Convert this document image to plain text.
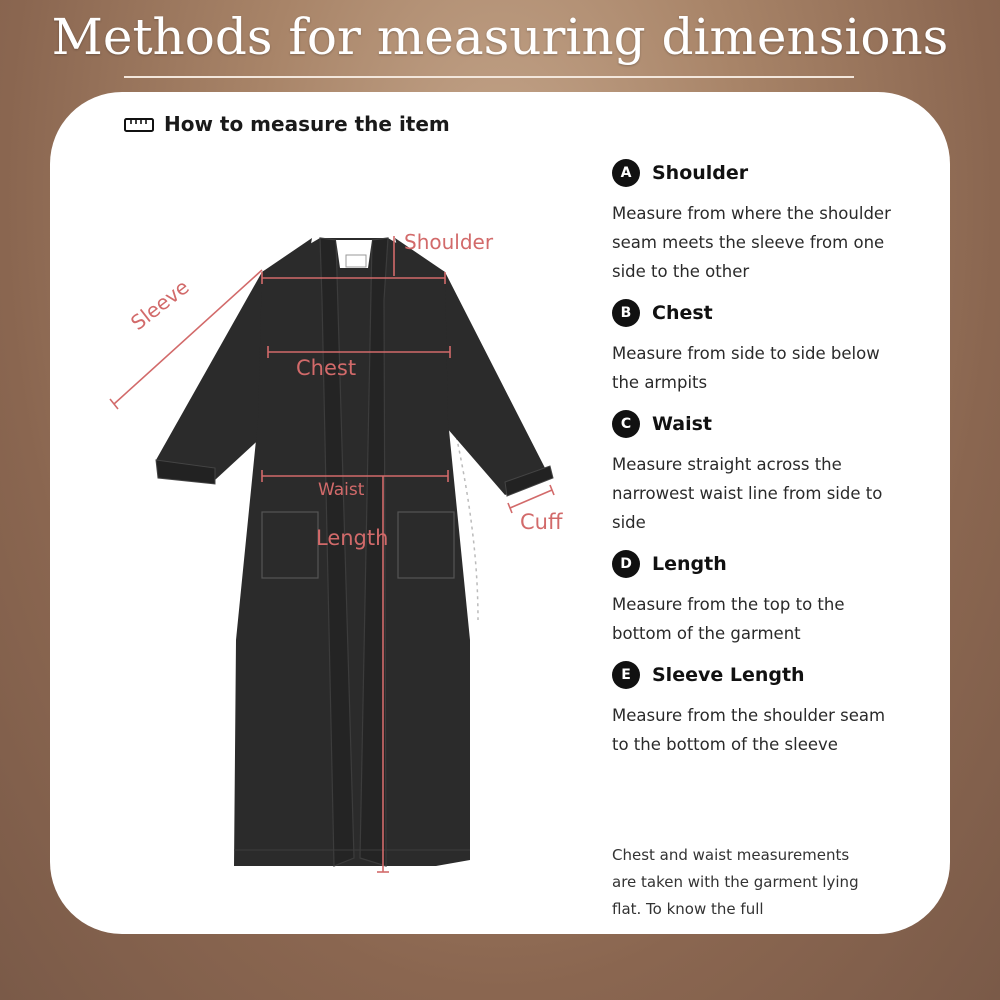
Methods for measuring dimensions
How to measure the item
Shoulder
Sleeve
Chest
Waist
Length
Cuff
A	Shoulder
Measure from where the shoulder seam meets the sleeve from one side to the other
B	Chest
Measure from side to side below the armpits
C	Waist
Measure straight across the narrowest waist line from side to side
D	Length
Measure from the top to the bottom of the garment
E	Sleeve Length
Measure from the shoulder seam to the bottom of the sleeve
Chest and waist measurements are taken with the garment lying flat. To know the full
